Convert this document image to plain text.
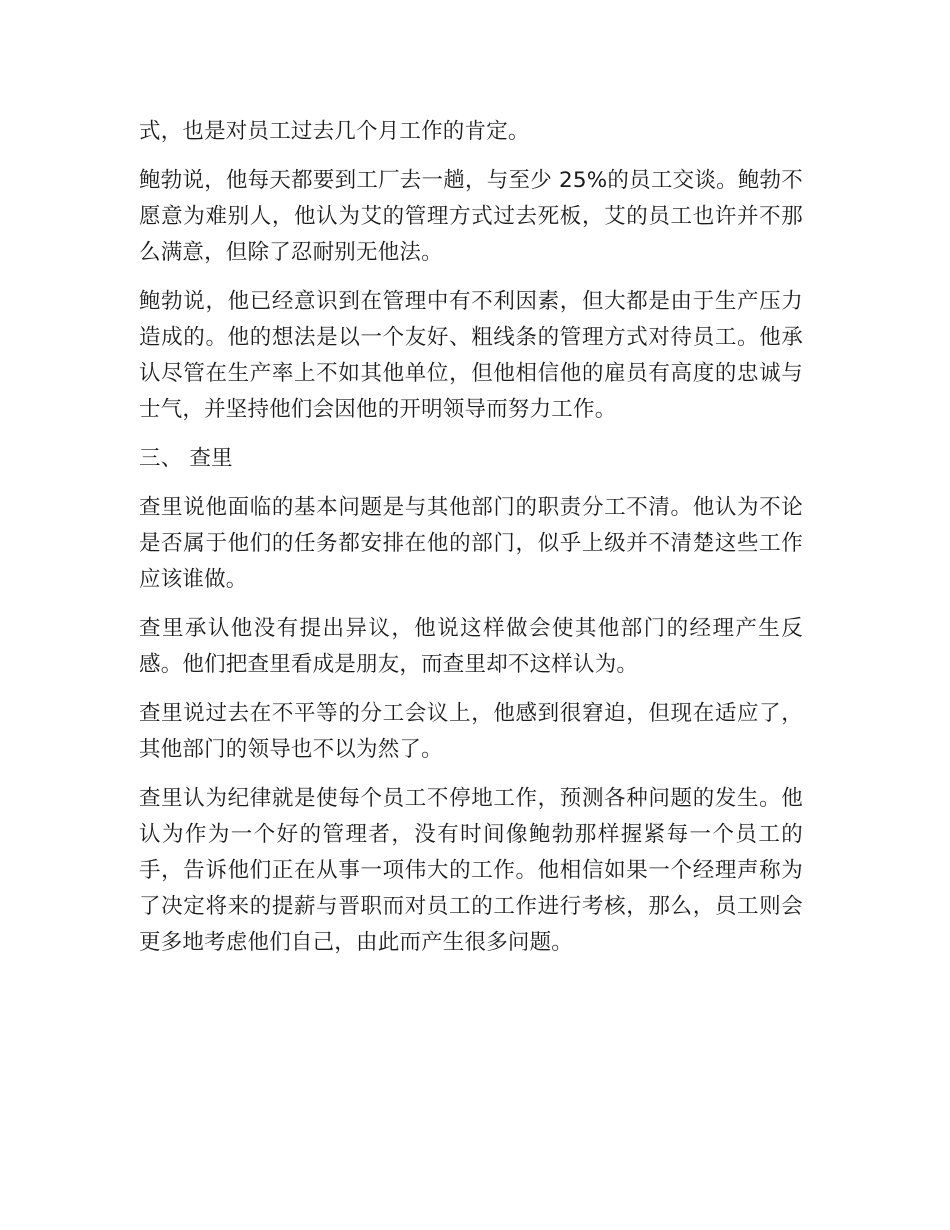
式，也是对员工过去几个月工作的肯定。

鲍勃说，他每天都要到工厂去一趟，与至少 25%的员工交谈。鲍勃不愿意为难别人，他认为艾的管理方式过去死板，艾的员工也许并不那么满意，但除了忍耐别无他法。

鲍勃说，他已经意识到在管理中有不利因素，但大都是由于生产压力造成的。他的想法是以一个友好、粗线条的管理方式对待员工。他承认尽管在生产率上不如其他单位，但他相信他的雇员有高度的忠诚与士气，并坚持他们会因他的开明领导而努力工作。

三、 查里

查里说他面临的基本问题是与其他部门的职责分工不清。他认为不论是否属于他们的任务都安排在他的部门，似乎上级并不清楚这些工作应该谁做。

查里承认他没有提出异议，他说这样做会使其他部门的经理产生反感。他们把查里看成是朋友，而查里却不这样认为。

查里说过去在不平等的分工会议上，他感到很窘迫，但现在适应了，其他部门的领导也不以为然了。

查里认为纪律就是使每个员工不停地工作，预测各种问题的发生。他认为作为一个好的管理者，没有时间像鲍勃那样握紧每一个员工的手，告诉他们正在从事一项伟大的工作。他相信如果一个经理声称为了决定将来的提薪与晋职而对员工的工作进行考核，那么，员工则会更多地考虑他们自己，由此而产生很多问题。
